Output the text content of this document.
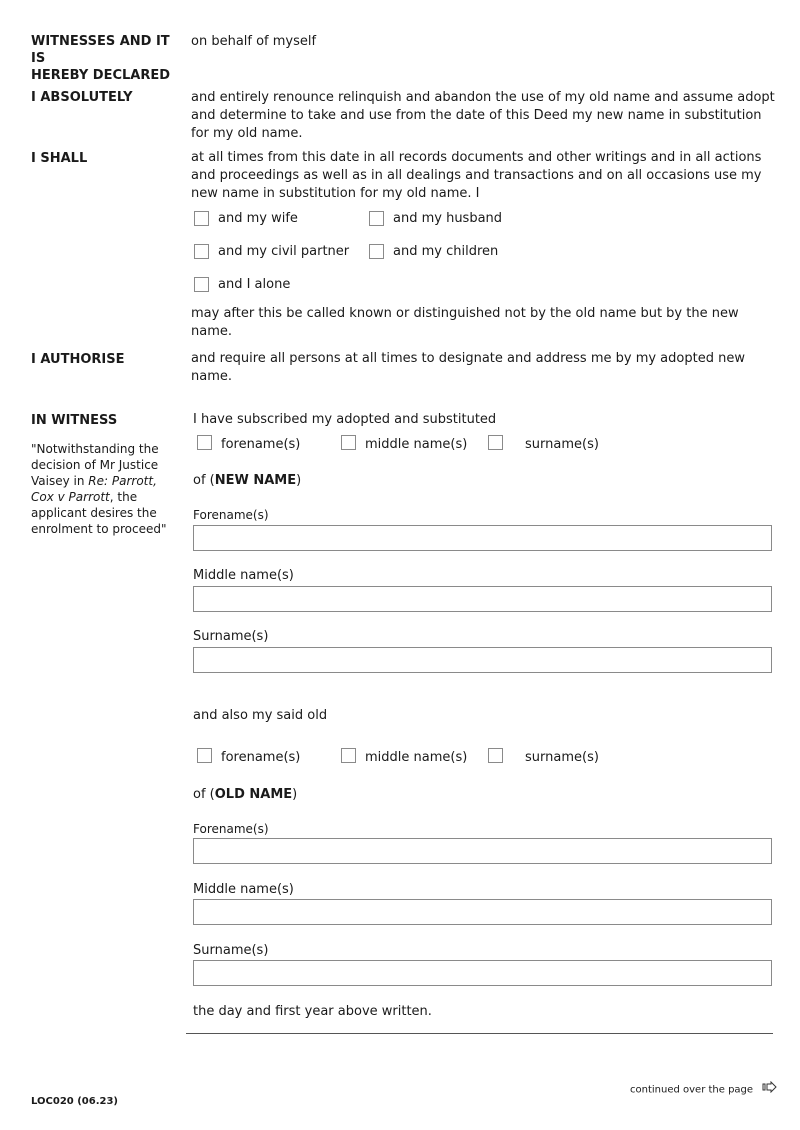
WITNESSES AND IT IS
HEREBY DECLARED
on behalf of myself
I ABSOLUTELY	and entirely renounce relinquish and abandon the use of my old name and assume adopt and determine to take and use from the date of this Deed my new name in substitution for my old name.
I SHALL	at all times from this date in all records documents and other writings and in all actions and proceedings as well as in all dealings and transactions and on all occasions use my new name in substitution for my old name. I
and my wife	and my husband
and my civil partner	and my children
and I alone
may after this be called known or distinguished not by the old name but by the new name.
I AUTHORISE	and require all persons at all times to designate and address me by my adopted new name.
IN WITNESS
"Notwithstanding the decision of Mr Justice Vaisey in Re: Parrott, Cox v Parrott, the applicant desires the enrolment to proceed"
I have subscribed my adopted and substituted
forename(s)	middle name(s)	surname(s)
of (NEW NAME)
Forename(s)
Middle name(s)
Surname(s)
and also my said old
forename(s)	middle name(s)	surname(s)
of (OLD NAME)
Forename(s)
Middle name(s)
Surname(s)
the day and first year above written.
continued over the page
LOC020 (06.23)
